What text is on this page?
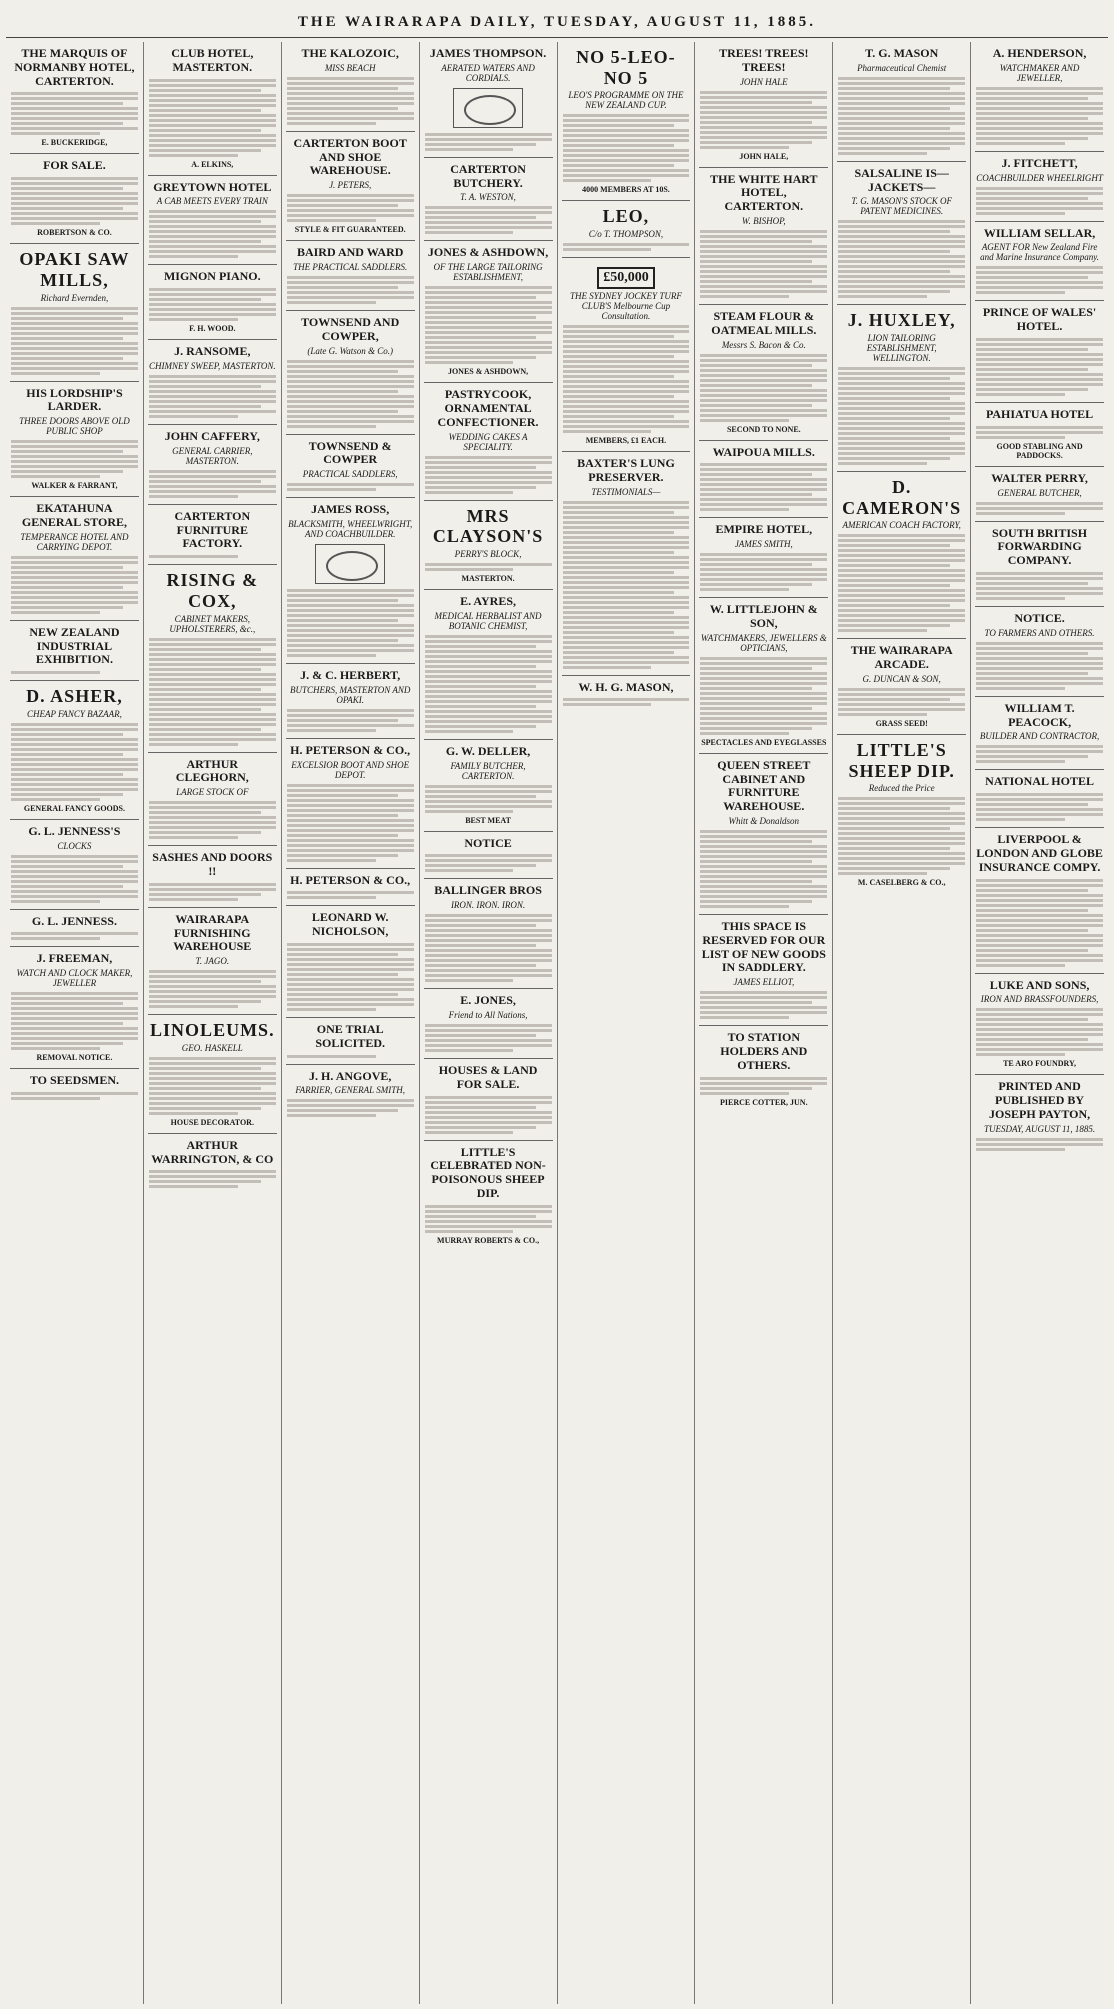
THE WAIRARAPA DAILY, TUESDAY, AUGUST 11, 1885.
THE MARQUIS OF NORMANBY HOTEL, CARTERTON.
E. BUCKERIDGE,
FOR SALE.
ROBERTSON & CO.
OPAKI SAW MILLS,
Richard Evernden,
HIS LORDSHIP'S LARDER.
THREE DOORS ABOVE OLD PUBLIC SHOP
WALKER & FARRANT,
EKATAHUNA GENERAL STORE,
TEMPERANCE HOTEL AND CARRYING DEPOT.
NEW ZEALAND INDUSTRIAL EXHIBITION.
D. ASHER,
CHEAP FANCY BAZAAR,
GENERAL FANCY GOODS.
G. L. JENNESS'S
CLOCKS
G. L. JENNESS.
J. FREEMAN,
WATCH AND CLOCK MAKER, JEWELLER
REMOVAL NOTICE.
TO SEEDSMEN.
CLUB HOTEL, MASTERTON.
A. ELKINS,
GREYTOWN HOTEL
A CAB MEETS EVERY TRAIN
MIGNON PIANO.
F. H. WOOD.
J. RANSOME,
CHIMNEY SWEEP, MASTERTON.
JOHN CAFFERY,
GENERAL CARRIER, MASTERTON.
CARTERTON FURNITURE FACTORY.
RISING & COX,
CABINET MAKERS, UPHOLSTERERS, &c.,
ARTHUR CLEGHORN,
LARGE STOCK OF
SASHES AND DOORS !!
WAIRARAPA FURNISHING WAREHOUSE
T. JAGO.
LINOLEUMS.
GEO. HASKELL
HOUSE DECORATOR.
ARTHUR WARRINGTON, & CO
THE KALOZOIC,
MISS BEACH
CARTERTON BOOT AND SHOE WAREHOUSE.
J. PETERS,
STYLE & FIT GUARANTEED.
BAIRD AND WARD
THE PRACTICAL SADDLERS.
TOWNSEND AND COWPER,
(Late G. Watson & Co.)
TOWNSEND & COWPER
PRACTICAL SADDLERS,
JAMES ROSS,
BLACKSMITH, WHEELWRIGHT, AND COACHBUILDER.
J. & C. HERBERT,
BUTCHERS, MASTERTON AND OPAKI.
H. PETERSON & CO.,
EXCELSIOR BOOT AND SHOE DEPOT.
H. PETERSON & CO.,
LEONARD W. NICHOLSON,
ONE TRIAL SOLICITED.
J. H. ANGOVE,
FARRIER, GENERAL SMITH,
JAMES THOMPSON.
AERATED WATERS AND CORDIALS.
CARTERTON BUTCHERY.
T. A. WESTON,
JONES & ASHDOWN,
OF THE LARGE TAILORING ESTABLISHMENT,
JONES & ASHDOWN,
PASTRYCOOK, ORNAMENTAL CONFECTIONER.
WEDDING CAKES A SPECIALITY.
MRS CLAYSON'S
PERRY'S BLOCK,
MASTERTON.
E. AYRES,
MEDICAL HERBALIST AND BOTANIC CHEMIST,
G. W. DELLER,
FAMILY BUTCHER, CARTERTON.
BEST MEAT
NOTICE
BALLINGER BROS
IRON. IRON. IRON.
E. JONES,
Friend to All Nations,
HOUSES & LAND FOR SALE.
LITTLE'S CELEBRATED NON-POISONOUS SHEEP DIP.
MURRAY ROBERTS & CO.,
NO 5-LEO-NO 5
LEO'S PROGRAMME ON THE NEW ZEALAND CUP.
4000 MEMBERS AT 10S.
LEO,
C/o T. THOMPSON,
£50,000
THE SYDNEY JOCKEY TURF CLUB'S Melbourne Cup Consultation.
MEMBERS, £1 EACH.
BAXTER'S LUNG PRESERVER.
TESTIMONIALS—
W. H. G. MASON,
TREES! TREES! TREES!
JOHN HALE
JOHN HALE,
THE WHITE HART HOTEL, CARTERTON.
W. BISHOP,
STEAM FLOUR & OATMEAL MILLS.
Messrs S. Bacon & Co.
SECOND TO NONE.
WAIPOUA MILLS.
EMPIRE HOTEL,
JAMES SMITH,
W. LITTLEJOHN & SON,
WATCHMAKERS, JEWELLERS & OPTICIANS,
SPECTACLES AND EYEGLASSES
QUEEN STREET CABINET AND FURNITURE WAREHOUSE.
Whitt & Donaldson
THIS SPACE IS RESERVED FOR OUR LIST OF NEW GOODS IN SADDLERY.
JAMES ELLIOT,
TO STATION HOLDERS AND OTHERS.
PIERCE COTTER, JUN.
T. G. MASON
Pharmaceutical Chemist
SALSALINE IS—JACKETS—
T. G. MASON'S STOCK OF PATENT MEDICINES.
J. HUXLEY,
LION TAILORING ESTABLISHMENT, WELLINGTON.
D. CAMERON'S
AMERICAN COACH FACTORY,
THE WAIRARAPA ARCADE.
G. DUNCAN & SON,
GRASS SEED!
LITTLE'S SHEEP DIP.
Reduced the Price
M. CASELBERG & CO.,
A. HENDERSON,
WATCHMAKER AND JEWELLER,
J. FITCHETT,
COACHBUILDER WHEELRIGHT
WILLIAM SELLAR,
AGENT FOR New Zealand Fire and Marine Insurance Company.
PRINCE OF WALES' HOTEL.
PAHIATUA HOTEL
GOOD STABLING AND PADDOCKS.
WALTER PERRY,
GENERAL BUTCHER,
SOUTH BRITISH FORWARDING COMPANY.
NOTICE.
TO FARMERS AND OTHERS.
WILLIAM T. PEACOCK,
BUILDER AND CONTRACTOR,
NATIONAL HOTEL
LIVERPOOL & LONDON AND GLOBE INSURANCE COMPY.
LUKE AND SONS,
IRON AND BRASSFOUNDERS,
TE ARO FOUNDRY,
PRINTED AND PUBLISHED BY JOSEPH PAYTON,
TUESDAY, AUGUST 11, 1885.
